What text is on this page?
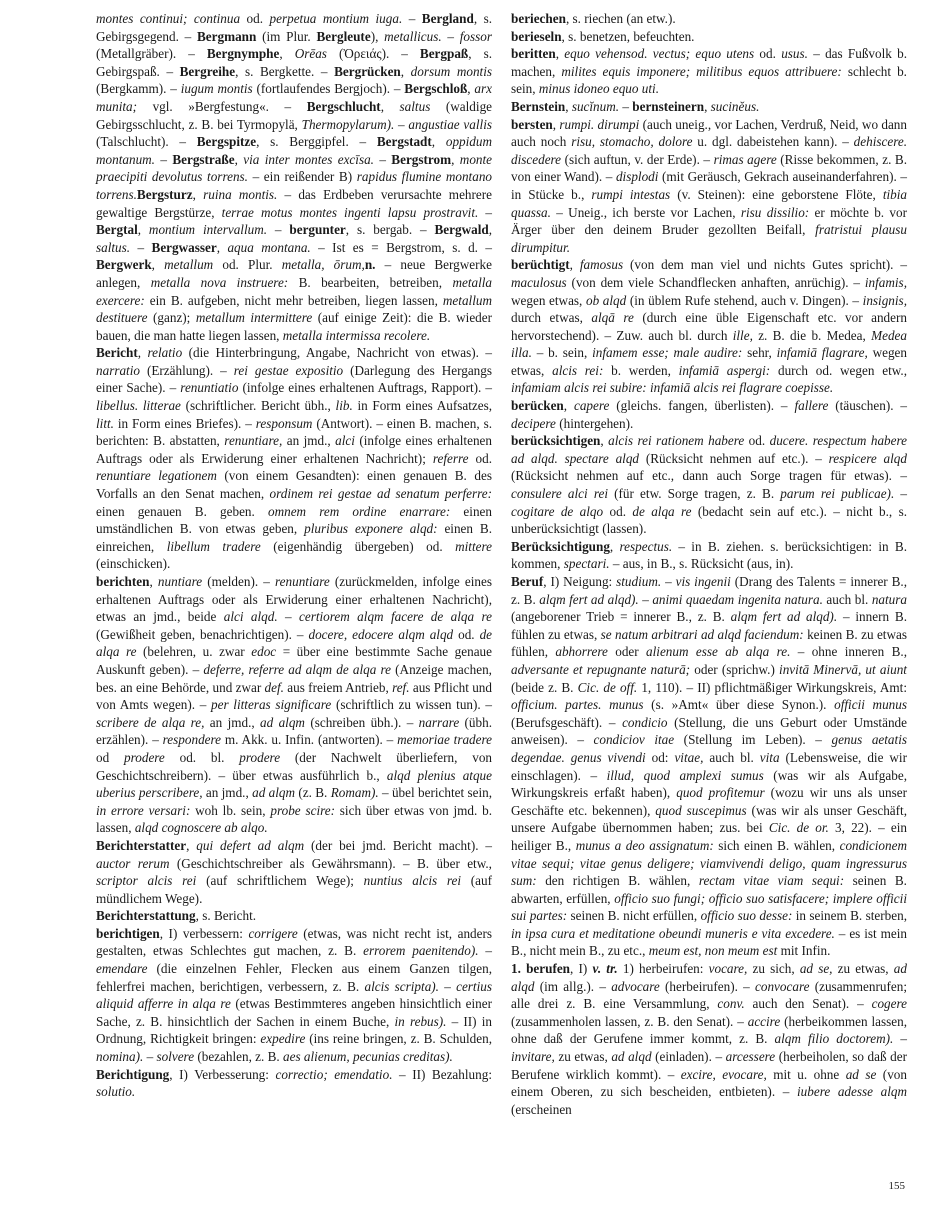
montes continui; continua od. perpetua montium iuga. – Bergland, s. Gebirgsgegend. – Bergmann (im Plur. Bergleute), metallicus. – fossor (Metallgräber). – Bergnymphe, Orēas (Ὀρειάς). – Bergpaß, s. Gebirgspaß. – Bergreihe, s. Bergkette. – Bergrücken, dorsum montis (Bergkamm). – iugum montis (fortlaufendes Bergjoch). – Bergschloß, arx munita; vgl. »Bergfestung«. – Bergschlucht, saltus (waldige Gebirgsschlucht, z. B. bei Tyrmopylä, Thermopylarum). – angustiae vallis (Talschlucht). – Bergspitze, s. Berggipfel. – Bergstadt, oppidum montanum. – Bergstraße, via inter montes excīsa. – Bergstrom, monte praecipiti devolutus torrens. – ein reißender B) rapidus flumine montano torrens.Bergsturz, ruina montis. – das Erdbeben verursachte mehrere gewaltige Bergstürze, terrae motus montes ingenti lapsu prostravit. – Bergtal, montium intervallum. – bergunter, s. bergab. – Bergwald, saltus. – Bergwasser, aqua montana. – Ist es = Bergstrom, s. d. – Bergwerk, metallum od. Plur. metalla, ōrum,n. – neue Bergwerke anlegen, metalla nova instruere: B. bearbeiten, betreiben, metalla exercere: ein B. aufgeben, nicht mehr betreiben, liegen lassen, metallum destituere (ganz); metallum intermittere (auf einige Zeit): die B. wieder bauen, die man hatte liegen lassen, metalla intermissa recolere.

Bericht, relatio (die Hinterbringung, Angabe, Nachricht von etwas). – narratio (Erzählung). – rei gestae expositio (Darlegung des Hergangs einer Sache). – renuntiatio (infolge eines erhaltenen Auftrags, Rapport). – libellus. litterae (schriftlicher. Bericht übh., lib. in Form eines Aufsatzes, litt. in Form eines Briefes). – responsum (Antwort). – einen B. machen, s. berichten: B. abstatten, renuntiare, an jmd., alci (infolge eines erhaltenen Auftrags oder als Erwiderung einer erhaltenen Nachricht); referre od. renuntiare legationem (von einem Gesandten): einen genauen B. des Vorfalls an den Senat machen, ordinem rei gestae ad senatum perferre: einen genauen B. geben. omnem rem ordine enarrare: einen umständlichen B. von etwas geben, pluribus exponere alqd: einen B. einreichen, libellum tradere (eigenhändig übergeben) od. mittere (einschicken).

berichten, nuntiare (melden). – renuntiare (zurückmelden, infolge eines erhaltenen Auftrags oder als Erwiderung einer erhaltenen Nachricht), etwas an jmd., beide alci alqd. – certiorem alqm facere de alqa re (Gewißheit geben, benachrichtigen). – docere, edocere alqm alqd od. de alqa re (belehren, u. zwar edoc = über eine bestimmte Sache genaue Auskunft geben). – deferre, referre ad alqm de alqa re (Anzeige machen, bes. an eine Behörde, und zwar def. aus freiem Antrieb, ref. aus Pflicht und von Amts wegen). – per litteras significare (schriftlich zu wissen tun). – scribere de alqa re, an jmd., ad alqm (schreiben übh.). – narrare (übh. erzählen). – respondere m. Akk. u. Infin. (antworten). – memoriae tradere od prodere od. bl. prodere (der Nachwelt überliefern, von Geschichtschreibern). – über etwas ausführlich b., alqd plenius atque uberius perscribere, an jmd., ad alqm (z. B. Romam). – übel berichtet sein, in errore versari: woh lb. sein, probe scire: sich über etwas von jmd. b. lassen, alqd cognoscere ab alqo.

Berichterstatter, qui defert ad alqm (der bei jmd. Bericht macht). – auctor rerum (Geschichtschreiber als Gewährsmann). – B. über etw., scriptor alcis rei (auf schriftlichem Wege); nuntius alcis rei (auf mündlichem Wege).

Berichterstattung, s. Bericht.

berichtigen, I) verbessern: corrigere (etwas, was nicht recht ist, anders gestalten, etwas Schlechtes gut machen, z. B. errorem paenitendo). – emendare (die einzelnen Fehler, Flecken aus einem Ganzen tilgen, fehlerfrei machen, berichtigen, verbessern, z. B. alcis scripta). – certius aliquid afferre in alqa re (etwas Bestimmteres angeben hinsichtlich einer Sache, z. B. hinsichtlich der Sachen in einem Buche, in rebus). – II) in Ordnung, Richtigkeit bringen: expedire (ins reine bringen, z. B. Schulden, nomina). – solvere (bezahlen, z. B. aes alienum, pecunias creditas).

Berichtigung, I) Verbesserung: correctio; emendatio. – II) Bezahlung: solutio.

beriechen, s. riechen (an etw.).

berieseln, s. benetzen, befeuchten.

beritten, equo vehensod. vectus; equo utens od. usus. – das Fußvolk b. machen, milites equis imponere; militibus equos attribuere: schlecht b. sein, minus idoneo equo uti.

Bernstein, sucĭnum. – bernsteinern, sucinĕus.

bersten, rumpi. dirumpi (auch uneig., vor Lachen, Verdruß, Neid, wo dann auch noch risu, stomacho, dolore u. dgl. dabeistehen kann). – dehiscere. discedere (sich auftun, v. der Erde). – rimas agere (Risse bekommen, z. B. von einer Wand). – displodi (mit Geräusch, Gekrach auseinanderfahren). – in Stücke b., rumpi intestas (v. Steinen): eine geborstene Flöte, tibia quassa. – Uneig., ich berste vor Lachen, risu dissilio: er möchte b. vor Ärger über den deinem Bruder gezollten Beifall, fratristui plausu dirumpitur.

berüchtigt, famosus (von dem man viel und nichts Gutes spricht). – maculosus (von dem viele Schandflecken anhaften, anrüchig). – infamis, wegen etwas, ob alqd (in üblem Rufe stehend, auch v. Dingen). – insignis, durch etwas, alqā re (durch eine üble Eigenschaft etc. vor andern hervorstechend). – Zuw. auch bl. durch ille, z. B. die b. Medea, Medea illa. – b. sein, infamem esse; male audire: sehr, infamiā flagrare, wegen etwas, alcis rei: b. werden, infamiā aspergi: durch od. wegen etw., infamiam alcis rei subire: infamiā alcis rei flagrare coepisse.

berücken, capere (gleichs. fangen, überlisten). – fallere (täuschen). – decipere (hintergehen).

berücksichtigen, alcis rei rationem habere od. ducere. respectum habere ad alqd. spectare alqd (Rücksicht nehmen auf etc.). – respicere alqd (Rücksicht nehmen auf etc., dann auch Sorge tragen für etwas). – consulere alci rei (für etw. Sorge tragen, z. B. parum rei publicae). – cogitare de alqo od. de alqa re (bedacht sein auf etc.). – nicht b., s. unberücksichtigt (lassen).

Berücksichtigung, respectus. – in B. ziehen. s. berücksichtigen: in B. kommen, spectari. – aus, in B., s. Rücksicht (aus, in).

Beruf, I) Neigung: studium. – vis ingenii (Drang des Talents = innerer B., z. B. alqm fert ad alqd). – animi quaedam ingenita natura. auch bl. natura (angeborener Trieb = innerer B., z. B. alqm fert ad alqd). – innern B. fühlen zu etwas, se natum arbitrari ad alqd faciendum: keinen B. zu etwas fühlen, abhorrere oder alienum esse ab alqa re. – ohne inneren B., adversante et repugnante naturā; oder (sprichw.) invitā Minervā, ut aiunt (beide z. B. Cic. de off. 1, 110). – II) pflichtmäßiger Wirkungskreis, Amt: officium. partes. munus (s. »Amt« über diese Synon.). officii munus (Berufsgeschäft). – condicio (Stellung, die uns Geburt oder Umstände anweisen). – condiciov itae (Stellung im Leben). – genus aetatis degendae. genus vivendi od: vitae, auch bl. vita (Lebensweise, die wir einschlagen). – illud, quod amplexi sumus (was wir als Aufgabe, Wirkungskreis erfaßt haben), quod profitemur (wozu wir uns als unser Geschäfte etc. bekennen), quod suscepimus (was wir als unser Geschäft, unsere Aufgabe übernommen haben; zus. bei Cic. de or. 3, 22). – ein heiliger B., munus a deo assignatum: sich einen B. wählen, condicionem vitae sequi; vitae genus deligere; viamvivendi deligo, quam ingressurus sum: den richtigen B. wählen, rectam vitae viam sequi: seinen B. abwarten, erfüllen, officio suo fungi; officio suo satisfacere; implere officii sui partes: seinen B. nicht erfüllen, officio suo desse: in seinem B. sterben, in ipsa cura et meditatione obeundi muneris e vita excedere. – es ist mein B., nicht mein B., zu etc., meum est, non meum est mit Infin.

1. berufen, I) v. tr. 1) herbeirufen: vocare, zu sich, ad se, zu etwas, ad alqd (im allg.). – advocare (herbeirufen). – convocare (zusammenrufen; alle drei z. B. eine Versammlung, conv. auch den Senat). – cogere (zusammenholen lassen, z. B. den Senat). – accire (herbeikommen lassen, ohne daß der Gerufene immer kommt, z. B. alqm filio doctorem). – invitare, zu etwas, ad alqd (einladen). – arcessere (herbeiholen, so daß der Berufene wirklich kommt). – excire, evocare, mit u. ohne ad se (von einem Oberen, zu sich bescheiden, entbieten). – iubere adesse alqm (erscheinen

155
